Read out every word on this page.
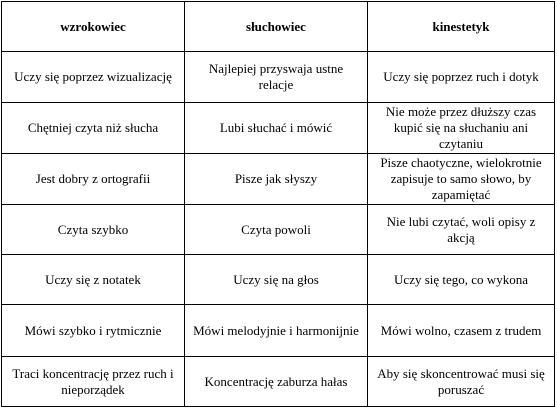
wzrokowiec	słuchowiec	kinestetyk
Uczy się poprzez wizualizację	Najlepiej przyswaja ustne relacje	Uczy się poprzez ruch i dotyk
Chętniej czyta niż słucha	Lubi słuchać i mówić	Nie może przez dłuższy czas kupić się na słuchaniu ani czytaniu
Jest dobry z ortografii	Pisze jak słyszy	Pisze chaotyczne, wielokrotnie zapisuje to samo słowo, by zapamiętać
Czyta szybko	Czyta powoli	Nie lubi czytać, woli opisy z akcją
Uczy się z notatek	Uczy się na głos	Uczy się tego, co wykona
Mówi szybko i rytmicznie	Mówi melodyjnie i harmonijnie	Mówi wolno, czasem z trudem
Traci koncentrację przez ruch i nieporządek	Koncentrację zaburza hałas	Aby się skoncentrować musi się poruszać
